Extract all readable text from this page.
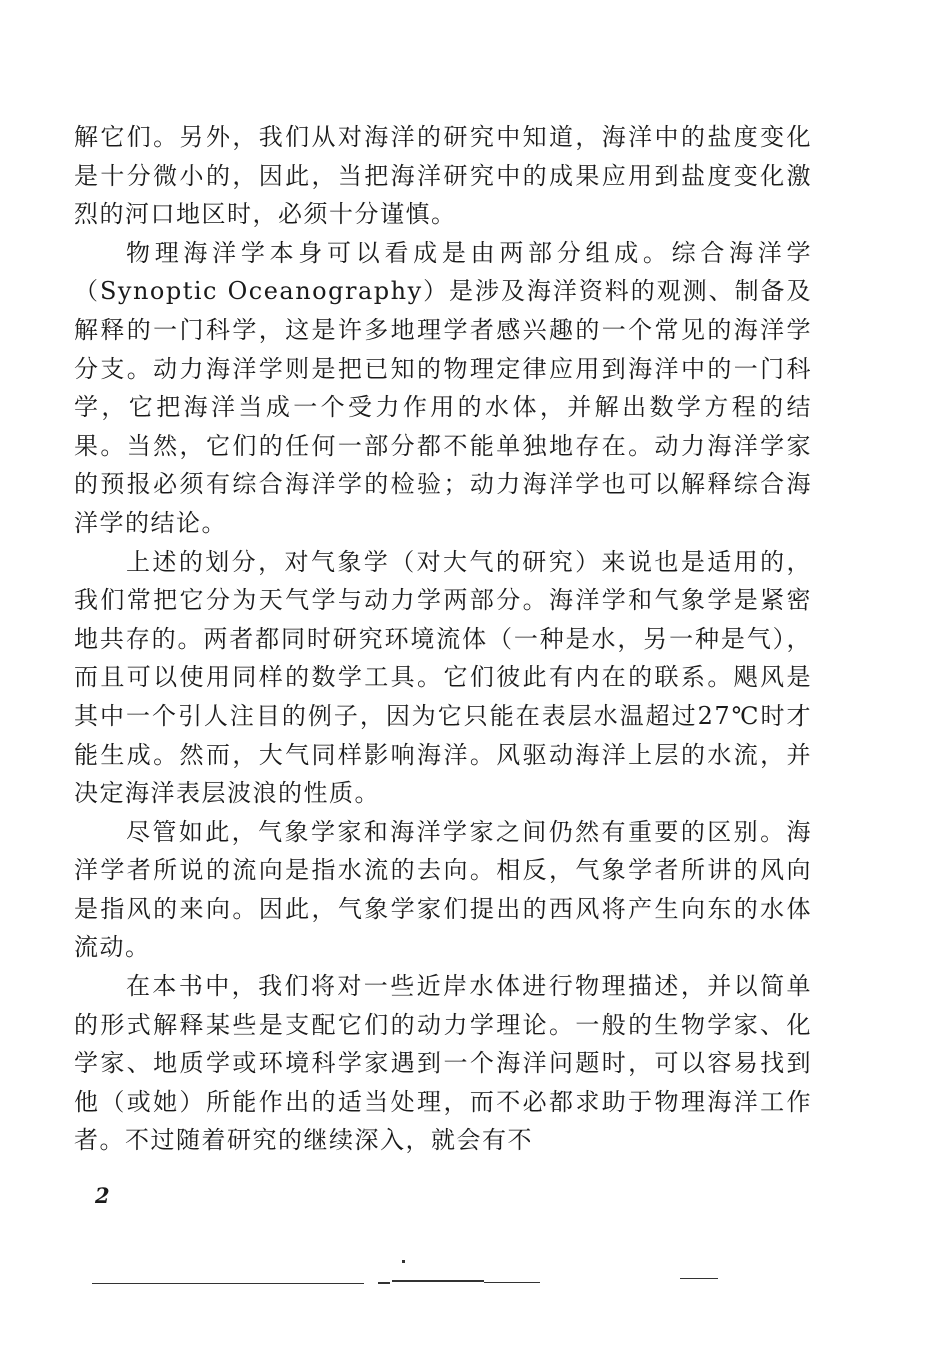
解它们。另外，我们从对海洋的研究中知道，海洋中的盐度变化是十分微小的，因此，当把海洋研究中的成果应用到盐度变化激烈的河口地区时，必须十分谨慎。

物理海洋学本身可以看成是由两部分组成。综合海洋学（Synoptic Oceanography）是涉及海洋资料的观测、制备及解释的一门科学，这是许多地理学者感兴趣的一个常见的海洋学分支。动力海洋学则是把已知的物理定律应用到海洋中的一门科学，它把海洋当成一个受力作用的水体，并解出数学方程的结果。当然，它们的任何一部分都不能单独地存在。动力海洋学家的预报必须有综合海洋学的检验；动力海洋学也可以解释综合海洋学的结论。

上述的划分，对气象学（对大气的研究）来说也是适用的，我们常把它分为天气学与动力学两部分。海洋学和气象学是紧密地共存的。两者都同时研究环境流体（一种是水，另一种是气），而且可以使用同样的数学工具。它们彼此有内在的联系。飓风是其中一个引人注目的例子，因为它只能在表层水温超过27℃时才能生成。然而，大气同样影响海洋。风驱动海洋上层的水流，并决定海洋表层波浪的性质。

尽管如此，气象学家和海洋学家之间仍然有重要的区别。海洋学者所说的流向是指水流的去向。相反，气象学者所讲的风向是指风的来向。因此，气象学家们提出的西风将产生向东的水体流动。

在本书中，我们将对一些近岸水体进行物理描述，并以简单的形式解释某些是支配它们的动力学理论。一般的生物学家、化学家、地质学或环境科学家遇到一个海洋问题时，可以容易找到他（或她）所能作出的适当处理，而不必都求助于物理海洋工作者。不过随着研究的继续深入，就会有不

2
